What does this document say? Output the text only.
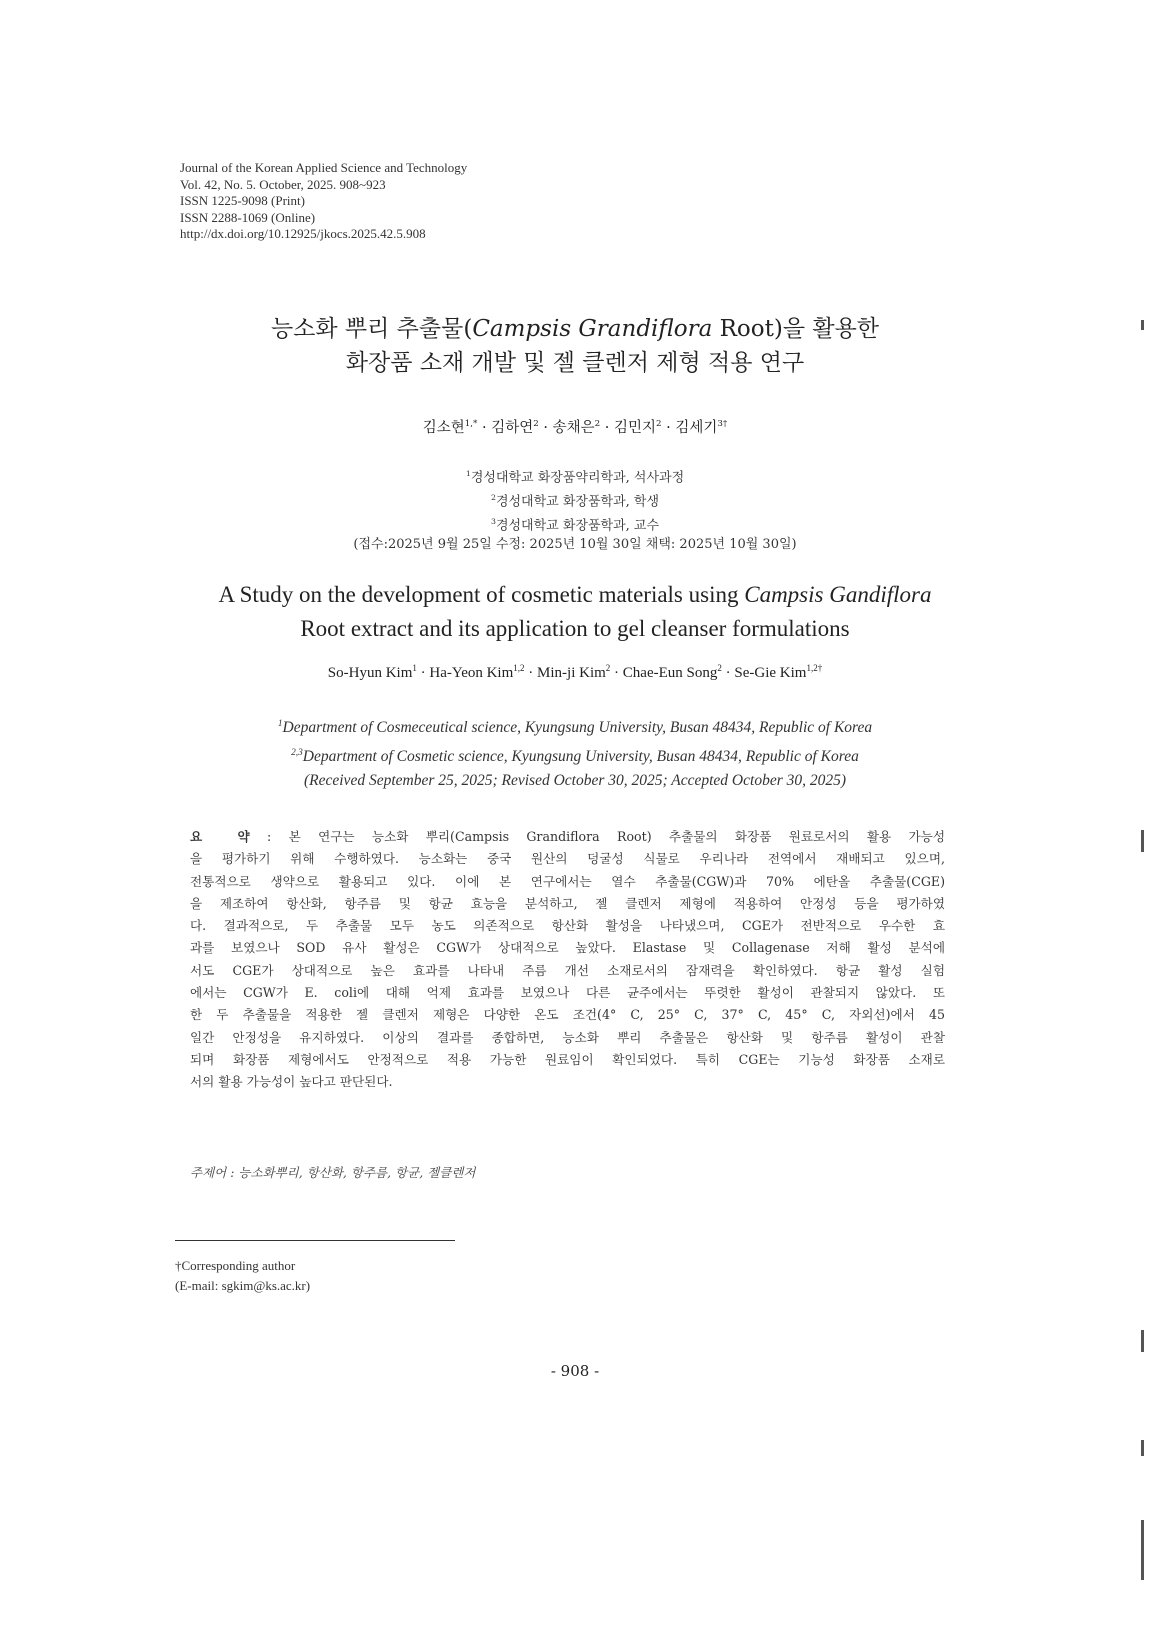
Journal of the Korean Applied Science and Technology
Vol. 42, No. 5. October, 2025. 908~923
ISSN 1225-9098 (Print)
ISSN 2288-1069 (Online)
http://dx.doi.org/10.12925/jkocs.2025.42.5.908
능소화 뿌리 추출물(Campsis Grandiflora Root)을 활용한
화장품 소재 개발 및 젤 클렌저 제형 적용 연구
김소현$^{1,*}$ · 김하연$^2$ · 송채은$^2$ · 김민지$^2$ · 김세기$^{3\dagger}$
$^1$경성대학교 화장품약리학과, 석사과정
$^2$경성대학교 화장품학과, 학생
$^3$경성대학교 화장품학과, 교수
(접수:2025년 9월 25일 수정: 2025년 10월 30일 채택: 2025년 10월 30일)
A Study on the development of cosmetic materials using Campsis Gandiflora
Root extract and its application to gel cleanser formulations
So-Hyun Kim$^1$ · Ha-Yeon Kim$^{1,2}$ · Min-ji Kim$^2$ · Chae-Eun Song$^2$ · Se-Gie Kim$^{1,2\dagger}$
$^1$Department of Cosmeceutical science, Kyungsung University, Busan 48434, Republic of Korea
$^{2,3}$Department of Cosmetic science, Kyungsung University, Busan 48434, Republic of Korea
(Received September 25, 2025; Revised October 30, 2025; Accepted October 30, 2025)
요  약 : 본 연구는 능소화 뿌리(Campsis Grandiflora Root) 추출물의 화장품 원료로서의 활용 가능성
을 평가하기 위해 수행하였다. 능소화는 중국 원산의 덩굴성 식물로 우리나라 전역에서 재배되고 있으며,
전통적으로 생약으로 활용되고 있다. 이에 본 연구에서는 열수 추출물(CGW)과 70% 에탄올 추출물(CGE)
을 제조하여 항산화, 항주름 및 항균 효능을 분석하고, 젤 클렌저 제형에 적용하여 안정성 등을 평가하였
다. 결과적으로, 두 추출물 모두 농도 의존적으로 항산화 활성을 나타냈으며, CGE가 전반적으로 우수한 효
과를 보였으나 SOD 유사 활성은 CGW가 상대적으로 높았다. Elastase 및 Collagenase 저해 활성 분석에
서도 CGE가 상대적으로 높은 효과를 나타내 주름 개선 소재로서의 잠재력을 확인하였다. 항균 활성 실험
에서는 CGW가 E. coli에 대해 억제 효과를 보였으나 다른 균주에서는 뚜렷한 활성이 관찰되지 않았다. 또
한 두 추출물을 적용한 젤 클렌저 제형은 다양한 온도 조건(4° C, 25° C, 37° C, 45° C, 자외선)에서 45
일간 안정성을 유지하였다. 이상의 결과를 종합하면, 능소화 뿌리 추출물은 항산화 및 항주름 활성이 관찰
되며 화장품 제형에서도 안정적으로 적용 가능한 원료임이 확인되었다. 특히 CGE는 기능성 화장품 소재로
서의 활용 가능성이 높다고 판단된다.
주제어 : 능소화뿌리, 항산화, 항주름, 항균, 젤클렌저
†Corresponding author
(E-mail: sgkim@ks.ac.kr)
- 908 -
